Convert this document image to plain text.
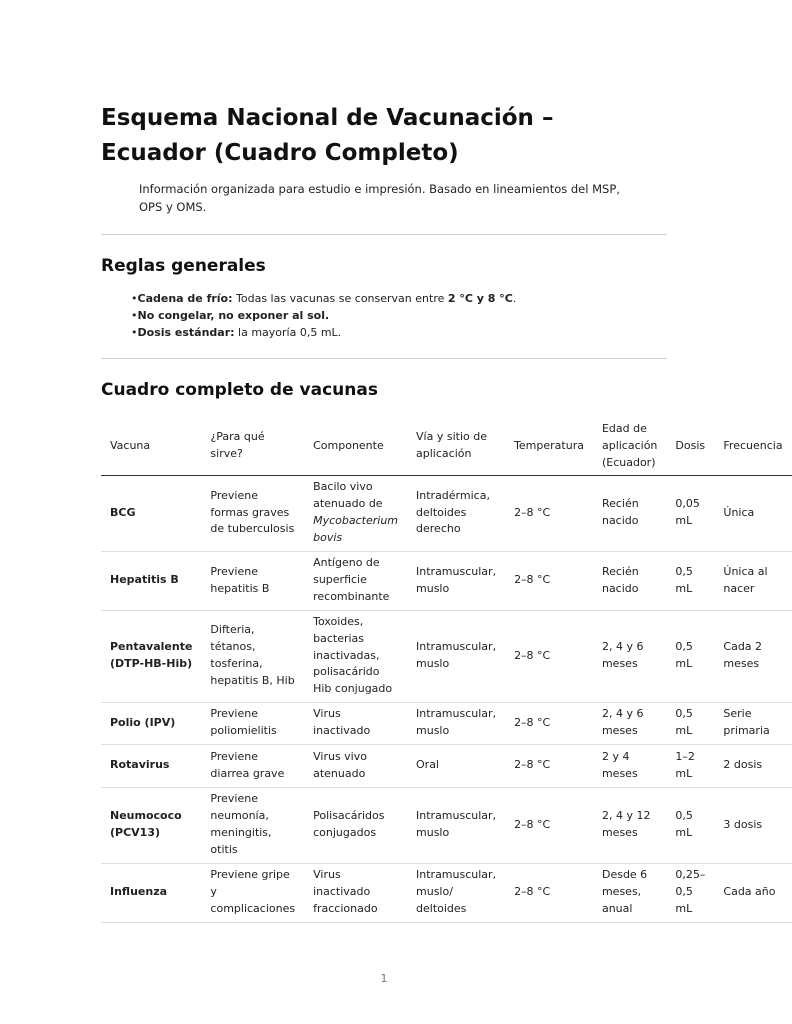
Esquema Nacional de Vacunación – Ecuador (Cuadro Completo)

Información organizada para estudio e impresión. Basado en lineamientos del MSP, OPS y OMS.

Reglas generales
• Cadena de frío: Todas las vacunas se conservan entre 2 °C y 8 °C.
• No congelar, no exponer al sol.
• Dosis estándar: la mayoría 0,5 mL.
Cuadro completo de vacunas
Vacuna	¿Para qué sirve?	Componente	Vía y sitio de aplicación	Temperatura	Edad de aplicación (Ecuador)	Dosis	Frecuencia
BCG	Previene formas graves de tuberculosis	Bacilo vivo atenuado de Mycobacterium bovis	Intradérmica, deltoides derecho	2–8 °C	Recién nacido	0,05 mL	Única
Hepatitis B	Previene hepatitis B	Antígeno de superficie recombinante	Intramuscular, muslo	2–8 °C	Recién nacido	0,5 mL	Única al nacer
Pentavalente (DTP-HB-Hib)	Difteria, tétanos, tosferina, hepatitis B, Hib	Toxoides, bacterias inactivadas, polisacárido Hib conjugado	Intramuscular, muslo	2–8 °C	2, 4 y 6 meses	0,5 mL	Cada 2 meses
Polio (IPV)	Previene poliomielitis	Virus inactivado	Intramuscular, muslo	2–8 °C	2, 4 y 6 meses	0,5 mL	Serie primaria
Rotavirus	Previene diarrea grave	Virus vivo atenuado	Oral	2–8 °C	2 y 4 meses	1–2 mL	2 dosis
Neumococo (PCV13)	Previene neumonía, meningitis, otitis	Polisacáridos conjugados	Intramuscular, muslo	2–8 °C	2, 4 y 12 meses	0,5 mL	3 dosis
Influenza	Previene gripe y complicaciones	Virus inactivado fraccionado	Intramuscular, muslo/ deltoides	2–8 °C	Desde 6 meses, anual	0,25–0,5 mL	Cada año
1
